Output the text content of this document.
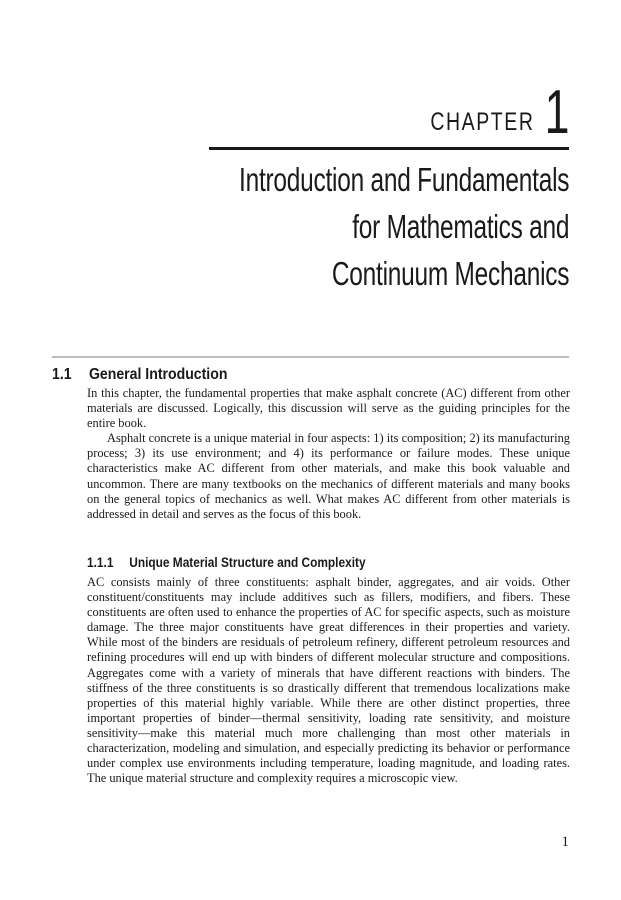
CHAPTER 1
Introduction and Fundamentals
for Mathematics and
Continuum Mechanics
1.1 General Introduction

In this chapter, the fundamental properties that make asphalt concrete (AC) different from other materials are discussed. Logically, this discussion will serve as the guiding principles for the entire book.

Asphalt concrete is a unique material in four aspects: 1) its composition; 2) its manufacturing process; 3) its use environment; and 4) its performance or failure modes. These unique characteristics make AC different from other materials, and make this book valuable and uncommon. There are many textbooks on the mechanics of different materials and many books on the general topics of mechanics as well. What makes AC different from other materials is addressed in detail and serves as the focus of this book.

1.1.1 Unique Material Structure and Complexity

AC consists mainly of three constituents: asphalt binder, aggregates, and air voids. Other constituent/constituents may include additives such as fillers, modifiers, and fibers. These constituents are often used to enhance the properties of AC for specific aspects, such as moisture damage. The three major constituents have great differences in their properties and variety. While most of the binders are residuals of petroleum refinery, different petroleum resources and refining procedures will end up with binders of different molecular structure and compositions. Aggregates come with a variety of minerals that have different reactions with binders. The stiffness of the three constituents is so drastically different that tremendous localizations make properties of this material highly variable. While there are other distinct properties, three important properties of binder—thermal sensitivity, loading rate sensitivity, and moisture sensitivity—make this material much more challenging than most other materials in characterization, modeling and simulation, and especially predicting its behavior or performance under complex use environments including temperature, loading magnitude, and loading rates. The unique material structure and complexity requires a microscopic view.

1
